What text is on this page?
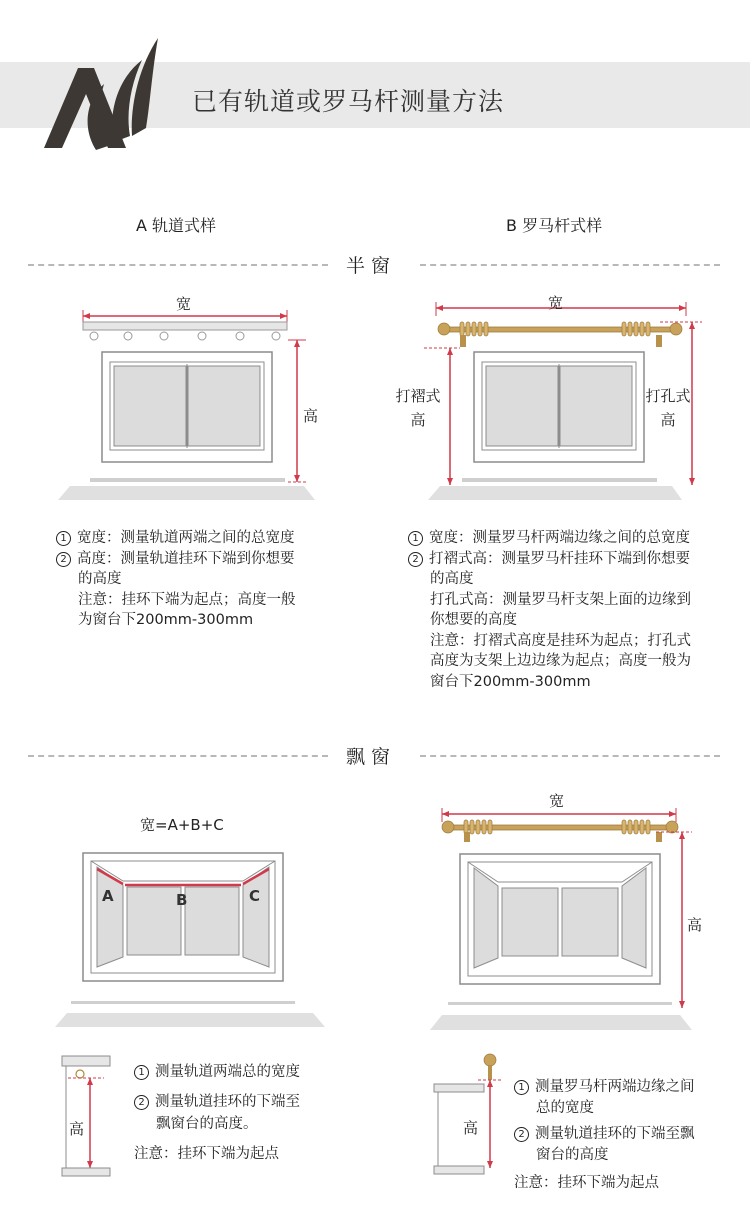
已有轨道或罗马杆测量方法
A 轨道式样	B 罗马杆式样
半窗
宽
高

1 宽度：测量轨道两端之间的总宽度

2 高度：测量轨道挂环下端到你想要

的高度

注意：挂环下端为起点；高度一般

为窗台下200mm-300mm

宽
打褶式
高
打孔式
高

1 宽度：测量罗马杆两端边缘之间的总宽度

2 打褶式高：测量罗马杆挂环下端到你想要

的高度

打孔式高：测量罗马杆支架上面的边缘到

你想要的高度

注意：打褶式高度是挂环为起点；打孔式

高度为支架上边边缘为起点；高度一般为

窗台下200mm-300mm

飘窗
宽=A+B+C
A	B	C
高

1 测量轨道两端总的宽度

2 测量轨道挂环的下端至

飘窗台的高度。

注意：挂环下端为起点

宽
高
高

1 测量罗马杆两端边缘之间

总的宽度

2 测量轨道挂环的下端至飘

窗台的高度

注意：挂环下端为起点
